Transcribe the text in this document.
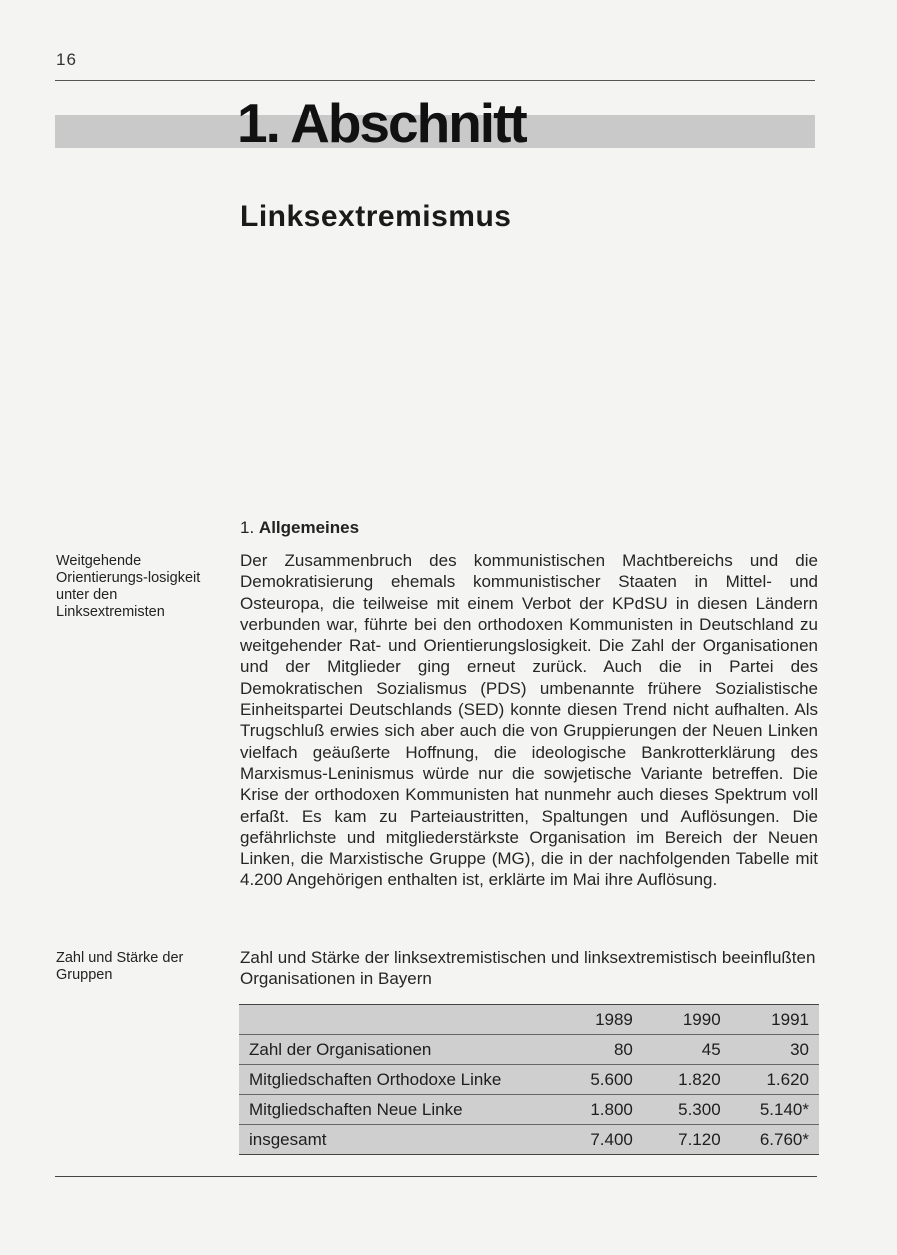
16
1. Abschnitt
Linksextremismus
1. Allgemeines
Weitgehende Orientierungs-losigkeit unter den Linksextremisten
Zahl und Stärke der Gruppen

Der Zusammenbruch des kommunistischen Machtbereichs und die Demokratisierung ehemals kommunistischer Staaten in Mittel- und Osteuropa, die teilweise mit einem Verbot der KPdSU in diesen Ländern verbunden war, führte bei den orthodoxen Kommunisten in Deutschland zu weitgehender Rat- und Orientierungslosigkeit. Die Zahl der Organisationen und der Mitglieder ging erneut zurück. Auch die in Partei des Demokratischen Sozialismus (PDS) umbenannte frühere Sozialistische Einheitspartei Deutschlands (SED) konnte diesen Trend nicht aufhalten. Als Trugschluß erwies sich aber auch die von Gruppierungen der Neuen Linken vielfach geäußerte Hoffnung, die ideologische Bankrotterklärung des Marxismus-Leninismus würde nur die sowjetische Variante betreffen. Die Krise der orthodoxen Kommunisten hat nunmehr auch dieses Spektrum voll erfaßt. Es kam zu Parteiaustritten, Spaltungen und Auflösungen. Die gefährlichste und mitgliederstärkste Organisation im Bereich der Neuen Linken, die Marxistische Gruppe (MG), die in der nachfolgenden Tabelle mit 4.200 Angehörigen enthalten ist, erklärte im Mai ihre Auflösung.

Zahl und Stärke der linksextremistischen und linksextremistisch beeinflußten Organisationen in Bayern

	1989	1990	1991
Zahl der Organisationen	80	45	30
Mitgliedschaften Orthodoxe Linke	5.600	1.820	1.620
Mitgliedschaften Neue Linke	1.800	5.300	5.140*
insgesamt	7.400	7.120	6.760*
